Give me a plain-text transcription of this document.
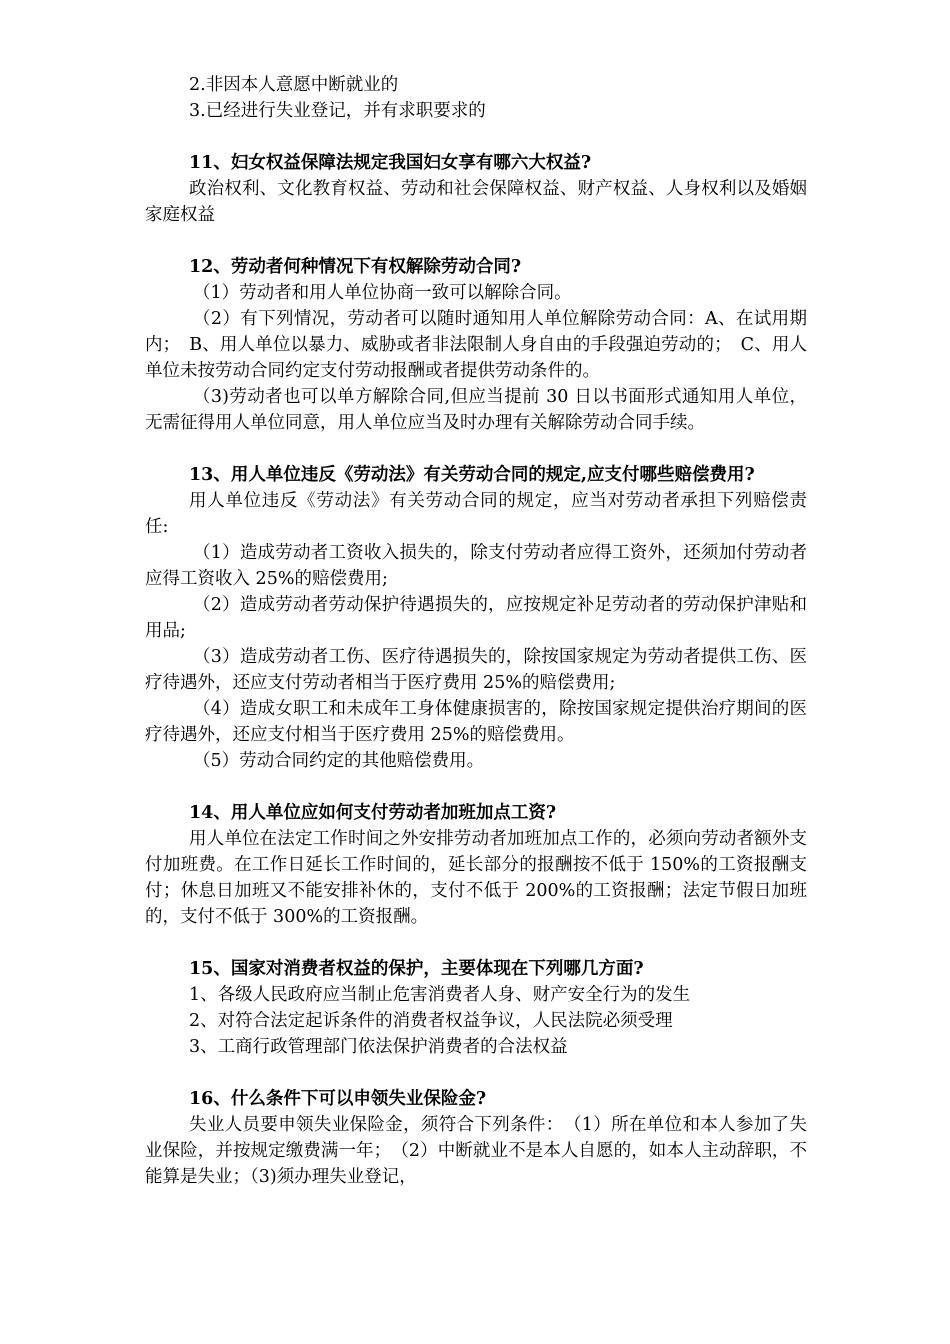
2.非因本人意愿中断就业的
3.已经进行失业登记，并有求职要求的
11、妇女权益保障法规定我国妇女享有哪六大权益?
政治权利、文化教育权益、劳动和社会保障权益、财产权益、人身权利以及婚姻家庭权益
12、劳动者何种情况下有权解除劳动合同?
（1）劳动者和用人单位协商一致可以解除合同。
（2）有下列情况，劳动者可以随时通知用人单位解除劳动合同：A、在试用期内；　B、用人单位以暴力、威胁或者非法限制人身自由的手段强迫劳动的；　C、用人单位未按劳动合同约定支付劳动报酬或者提供劳动条件的。
（3)劳动者也可以单方解除合同,但应当提前 30 日以书面形式通知用人单位，无需征得用人单位同意，用人单位应当及时办理有关解除劳动合同手续。
13、用人单位违反《劳动法》有关劳动合同的规定,应支付哪些赔偿费用?
用人单位违反《劳动法》有关劳动合同的规定，应当对劳动者承担下列赔偿责任:
（1）造成劳动者工资收入损失的，除支付劳动者应得工资外，还须加付劳动者应得工资收入 25%的赔偿费用;
（2）造成劳动者劳动保护待遇损失的，应按规定补足劳动者的劳动保护津贴和用品;
（3）造成劳动者工伤、医疗待遇损失的，除按国家规定为劳动者提供工伤、医疗待遇外，还应支付劳动者相当于医疗费用 25%的赔偿费用;
（4）造成女职工和未成年工身体健康损害的，除按国家规定提供治疗期间的医疗待遇外，还应支付相当于医疗费用 25%的赔偿费用。
（5）劳动合同约定的其他赔偿费用。
14、用人单位应如何支付劳动者加班加点工资?
用人单位在法定工作时间之外安排劳动者加班加点工作的，必须向劳动者额外支付加班费。在工作日延长工作时间的，延长部分的报酬按不低于 150%的工资报酬支付；休息日加班又不能安排补休的，支付不低于 200%的工资报酬；法定节假日加班的，支付不低于 300%的工资报酬。
15、国家对消费者权益的保护，主要体现在下列哪几方面?
1、各级人民政府应当制止危害消费者人身、财产安全行为的发生
2、对符合法定起诉条件的消费者权益争议，人民法院必须受理
3、工商行政管理部门依法保护消费者的合法权益
16、什么条件下可以申领失业保险金?
失业人员要申领失业保险金，须符合下列条件：　（1）所在单位和本人参加了失业保险，并按规定缴费满一年；　（2）中断就业不是本人自愿的，如本人主动辞职，不能算是失业；（3)须办理失业登记，
